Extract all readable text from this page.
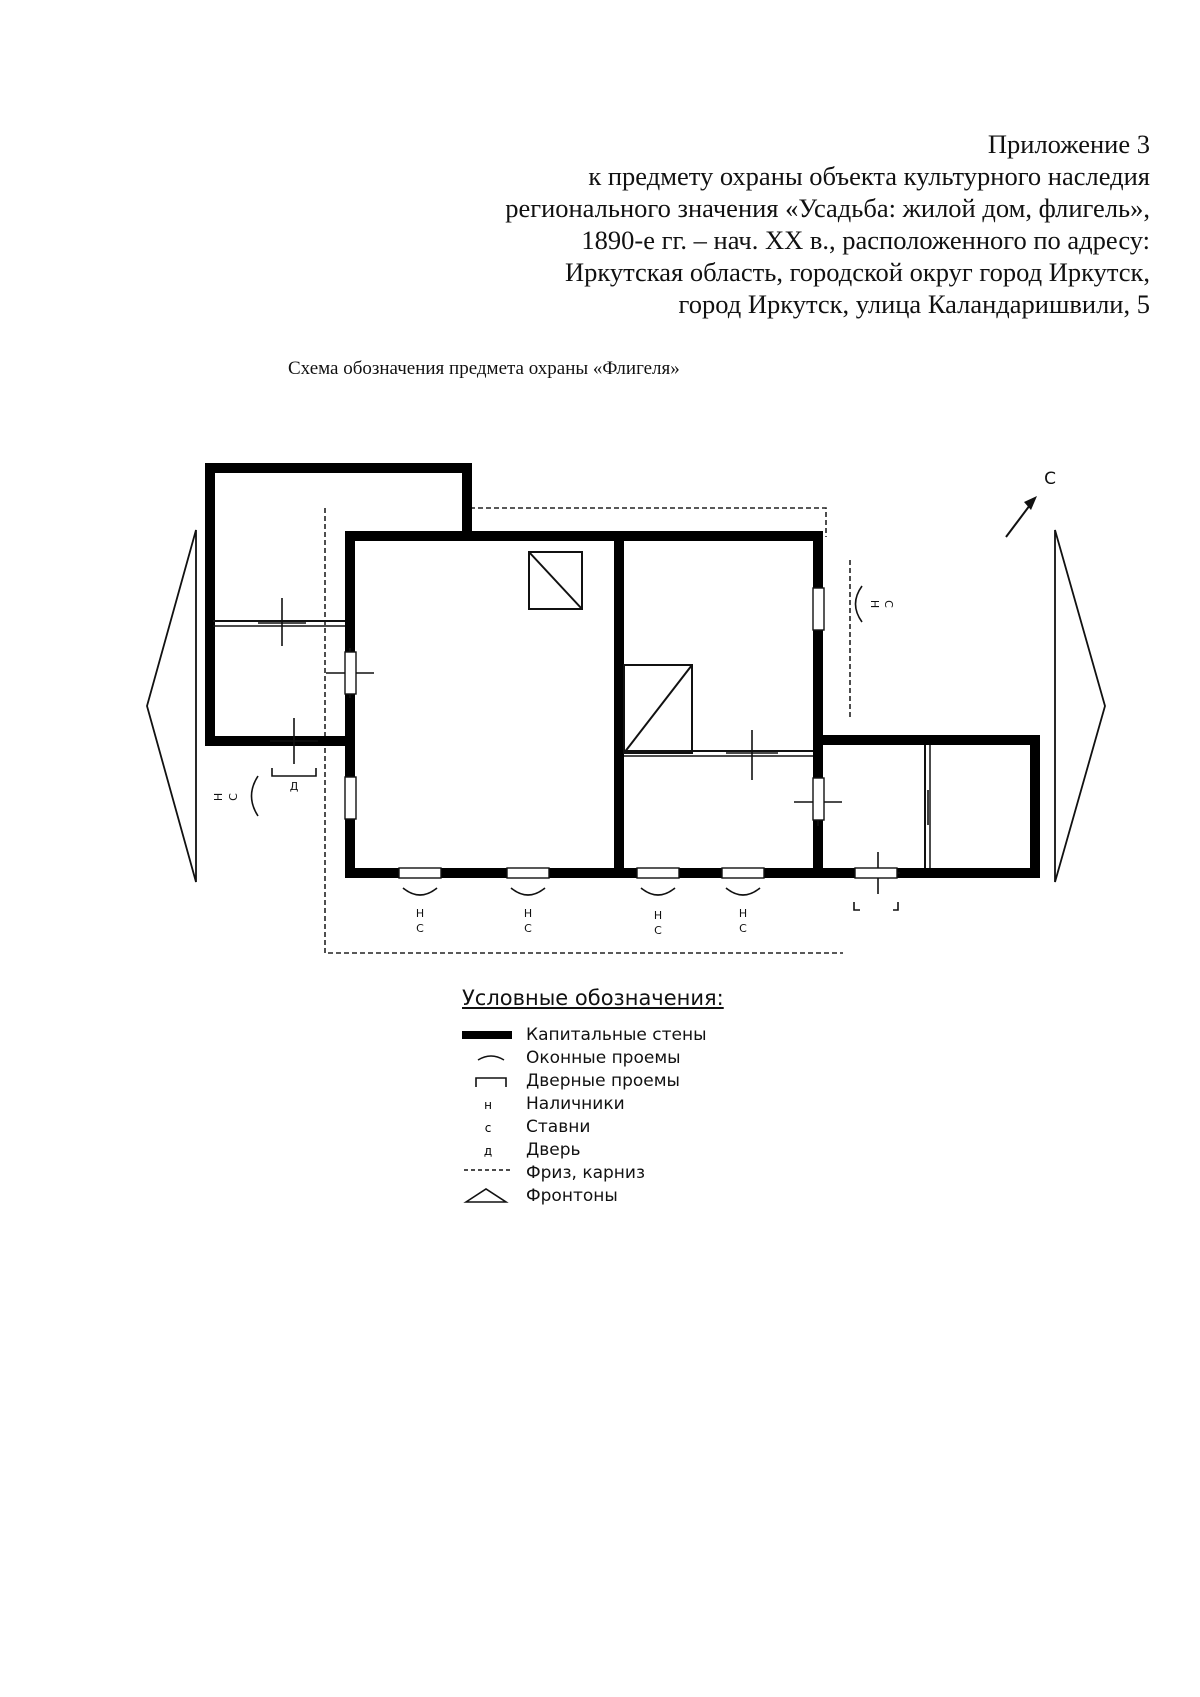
Приложение 3
к предмету охраны объекта культурного наследия
регионального значения «Усадьба: жилой дом, флигель»,
1890-е гг. – нач. XX в., расположенного по адресу:
Иркутская область, городской округ город Иркутск,
город Иркутск, улица Каландаришвили, 5
Схема обозначения предмета охраны «Флигеля»
Н
С
Н
С
Н
С
Н
С
Н С
Н С
Д
С
Условные обозначения:
Капитальные стены
Оконные проемы
Дверные проемы
н Наличники
с Ставни
д Дверь
Фриз, карниз
Фронтоны
